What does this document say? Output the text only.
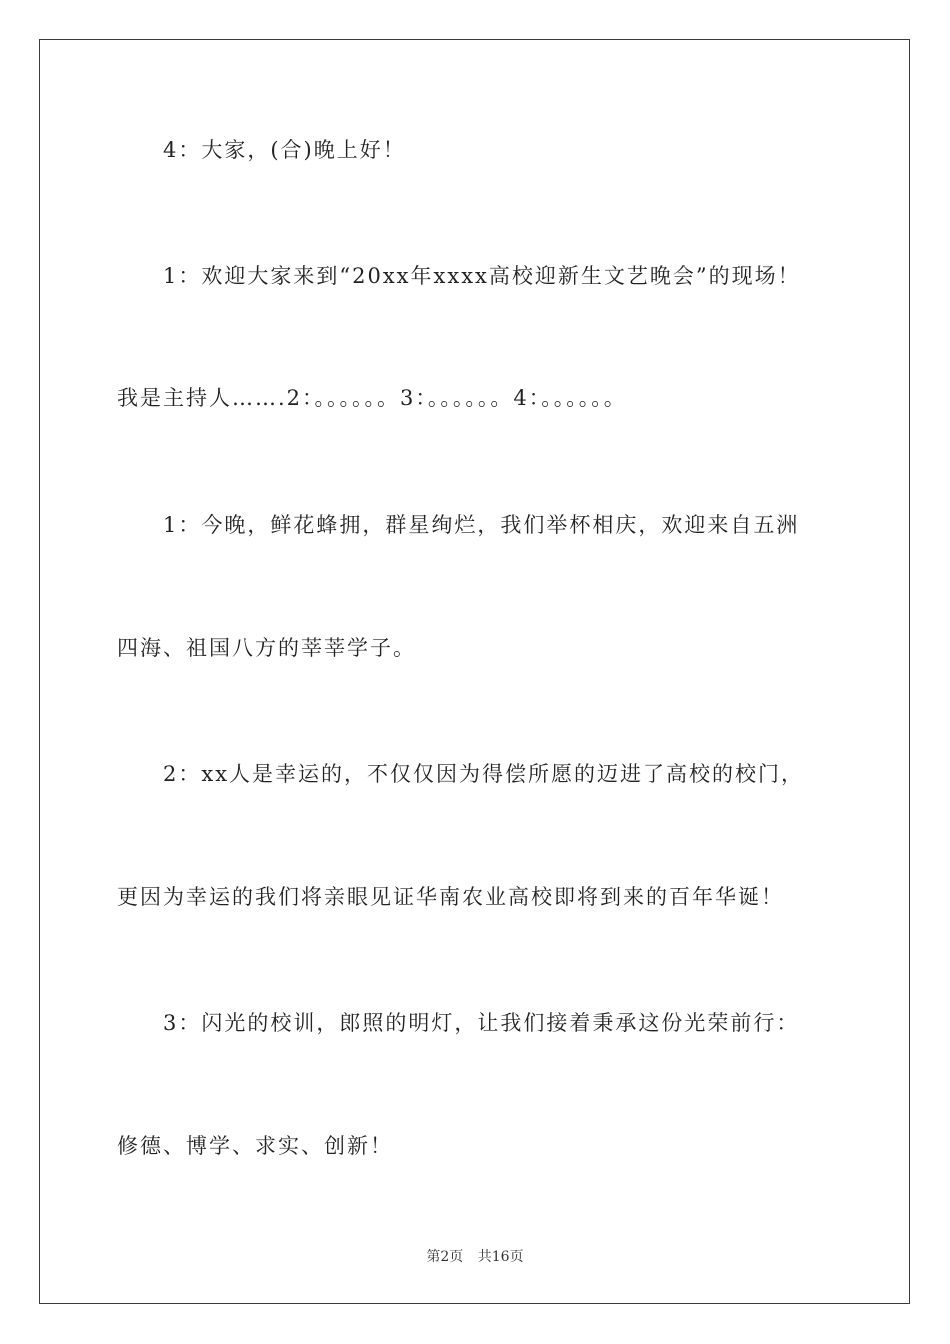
4：大家，(合)晚上好！
1：欢迎大家来到“20xx年xxxx高校迎新生文艺晚会”的现场！
我是主持人…….2：。。。。。。3：。。。。。。4：。。。。。。
1：今晚，鲜花蜂拥，群星绚烂，我们举杯相庆，欢迎来自五洲
四海、祖国八方的莘莘学子。
2：xx人是幸运的，不仅仅因为得偿所愿的迈进了高校的校门，
更因为幸运的我们将亲眼见证华南农业高校即将到来的百年华诞！
3：闪光的校训，郎照的明灯，让我们接着秉承这份光荣前行：
修德、博学、求实、创新！
第2页 共16页
